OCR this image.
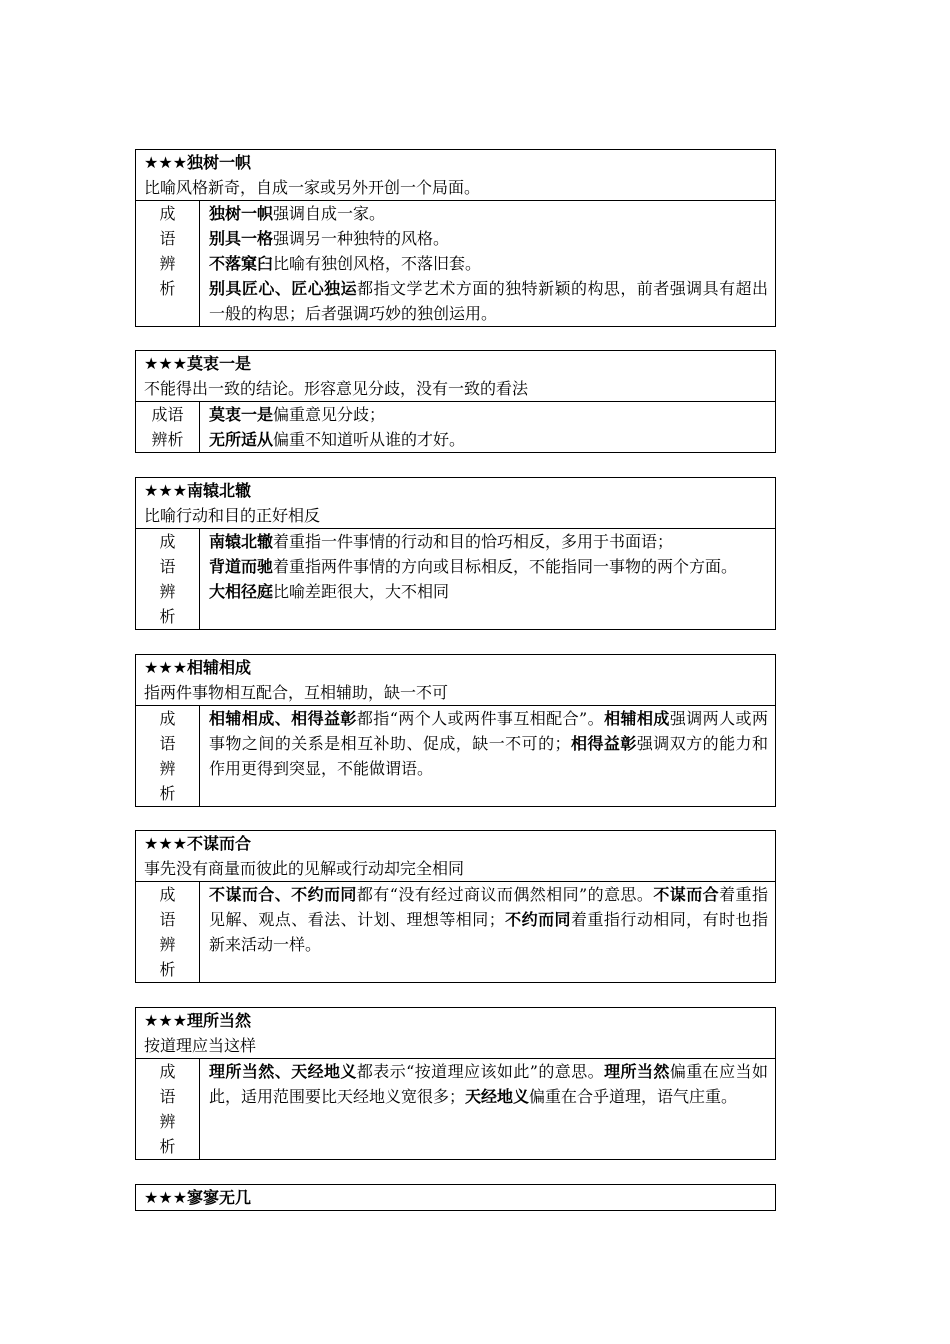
★★★独树一帜
比喻风格新奇，自成一家或另外开创一个局面。
成
语
辨
析
独树一帜强调自成一家。
别具一格强调另一种独特的风格。
不落窠臼比喻有独创风格，不落旧套。
别具匠心、匠心独运都指文学艺术方面的独特新颖的构思，前者强调具有超出一般的构思；后者强调巧妙的独创运用。
★★★莫衷一是
不能得出一致的结论。形容意见分歧，没有一致的看法
成语
辨析
莫衷一是偏重意见分歧；
无所适从偏重不知道听从谁的才好。
★★★南辕北辙
比喻行动和目的正好相反
成
语
辨
析
南辕北辙着重指一件事情的行动和目的恰巧相反，多用于书面语；
背道而驰着重指两件事情的方向或目标相反，不能指同一事物的两个方面。
大相径庭比喻差距很大，大不相同
★★★相辅相成
指两件事物相互配合，互相辅助，缺一不可
成
语
辨
析
相辅相成、相得益彰都指“两个人或两件事互相配合”。相辅相成强调两人或两事物之间的关系是相互补助、促成，缺一不可的；相得益彰强调双方的能力和作用更得到突显，不能做谓语。
★★★不谋而合
事先没有商量而彼此的见解或行动却完全相同
成
语
辨
析
不谋而合、不约而同都有“没有经过商议而偶然相同”的意思。不谋而合着重指见解、观点、看法、计划、理想等相同；不约而同着重指行动相同，有时也指新来活动一样。
★★★理所当然
按道理应当这样
成
语
辨
析
理所当然、天经地义都表示“按道理应该如此”的意思。理所当然偏重在应当如此，适用范围要比天经地义宽很多；天经地义偏重在合乎道理，语气庄重。
★★★寥寥无几
